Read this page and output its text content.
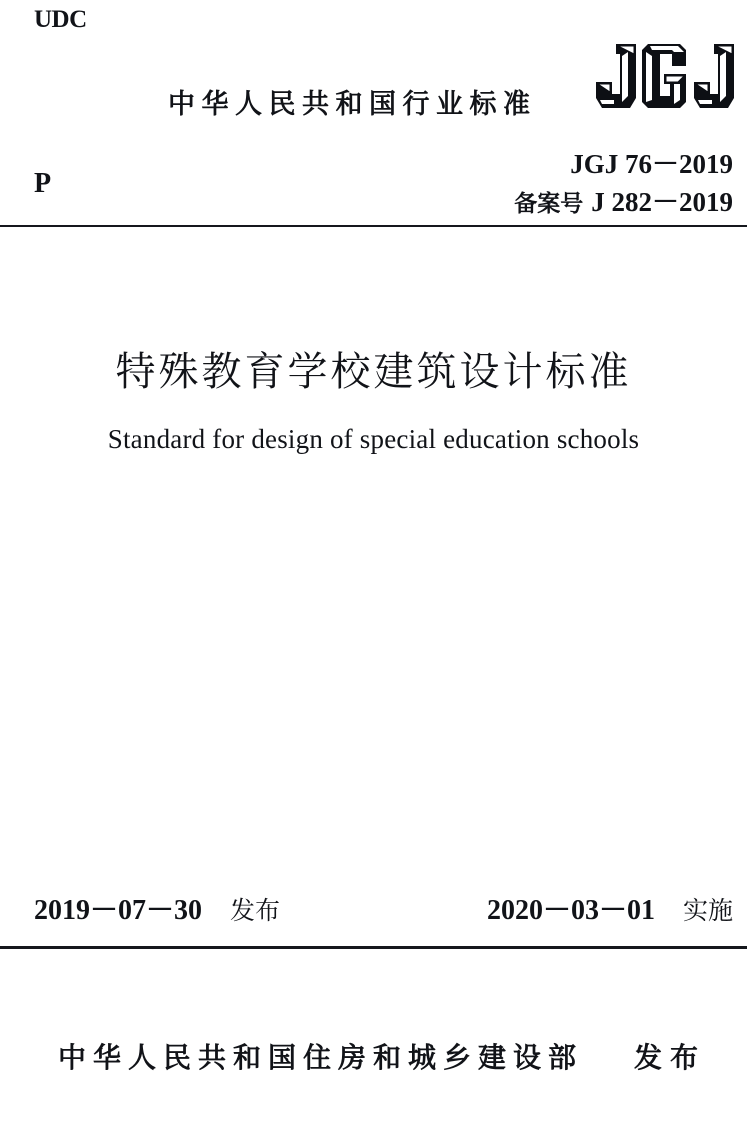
UDC
中华人民共和国行业标准
JGJ 76－2019
P
备案号 J 282－2019
特殊教育学校建筑设计标准
Standard for design of special education schools
2019－07－30 发布	2020－03－01 实施
中华人民共和国住房和城乡建设部 发布
